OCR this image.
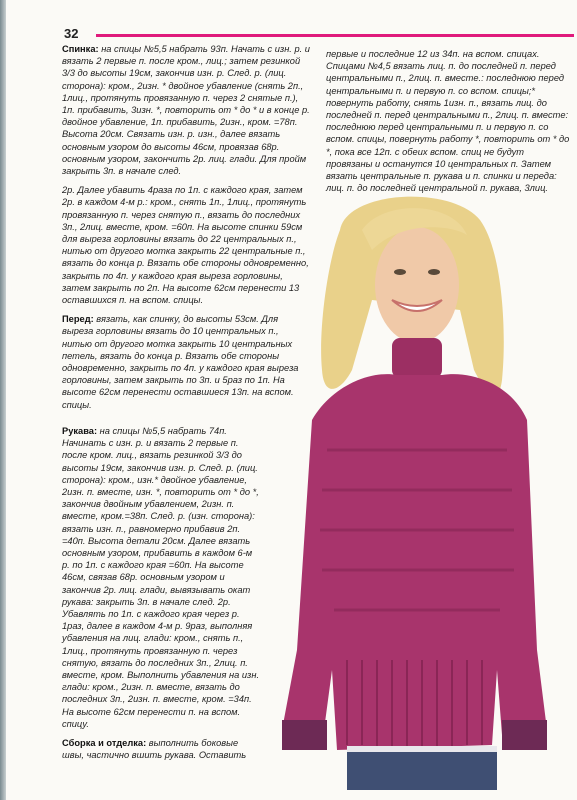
32

Спинка: на спицы №5,5 набрать 93п. Начать с изн. р. и вязать 2 первые п. после кром., лиц.; затем резинкой 3/3 до высоты 19см, закончив изн. р. След. р. (лиц. сторона): кром., 2изн. * двойное убавление (снять 2п., 1лиц., протянуть провязанную п. через 2 снятые п.), 1п. прибавить, 3изн. *, повторить от * до * и в конце р. двойное убавление, 1п. прибавить, 2изн., кром. =78п. Высота 20см. Связать изн. р. изн., далее вязать основным узором до высоты 46см, провязав 68р. основным узором, закончить 2р. лиц. глади. Для пройм закрыть 3п. в начале след.

2р. Далее убавить 4раза по 1п. с каждого края, затем 2р. в каждом 4-м р.: кром., снять 1п., 1лиц., протянуть провязанную п. через снятую п., вязать до последних 3п., 2лиц. вместе, кром. =60п. На высоте спинки 59см для выреза горловины вязать до 22 центральных п., нитью от другого мотка закрыть 22 центральные п., вязать до конца р. Вязать обе стороны одновременно, закрыть по 4п. у каждого края выреза горловины, затем закрыть по 2п. На высоте 62см перенести 13 оставшихся п. на вспом. спицы.

Перед: вязать, как спинку, до высоты 53см. Для выреза горловины вязать до 10 центральных п., нитью от другого мотка закрыть 10 центральных петель, вязать до конца р. Вязать обе стороны одновременно, закрыть по 4п. у каждого края выреза горловины, затем закрыть по 3п. и 5раз по 1п. На высоте 62см перенести оставшиеся 13п. на вспом. спицы.

Рукава: на спицы №5,5 набрать 74п. Начинать с изн. р. и вязать 2 первые п. после кром. лиц., вязать резинкой 3/3 до высоты 19см, закончив изн. р. След. р. (лиц. сторона): кром., изн.* двойное убавление, 2изн. п. вместе, изн. *, повторить от * до *, закончив двойным убавлением, 2изн. п. вместе, кром.=38п. След. р. (изн. сторона): вязать изн. п., равномерно прибавив 2п. =40п. Высота детали 20см. Далее вязать основным узором, прибавить в каждом 6-м р. по 1п. с каждого края =60п. На высоте 46см, связав 68р. основным узором и закончив 2р. лиц. глади, вывязывать окат рукава: закрыть 3п. в начале след. 2р. Убавлять по 1п. с каждого края через р. 1раз, далее в каждом 4-м р. 9раз, выполняя убавления на лиц. глади: кром., снять п., 1лиц., протянуть провязанную п. через снятую, вязать до последних 3п., 2лиц. п. вместе, кром. Выполнить убавления на изн. глади: кром., 2изн. п. вместе, вязать до последних 3п., 2изн. п. вместе, кром. =34п. На высоте 62см перенести п. на вспом. спицу.

Сборка и отделка: выполнить боковые швы, частично вшить рукава. Оставить

первые и последние 12 из 34п. на вспом. спицах. Спицами №4,5 вязать лиц. п. до последней п. перед центральными п., 2лиц. п. вместе.: последнюю перед центральными п. и первую п. со вспом. спицы;* повернуть работу, снять 1изн. п., вязать лиц. до последней п. перед центральными п., 2лиц. п. вместе: последнюю перед центральными п. и первую п. со вспом. спицы, повернуть работу *, повторить от * до *, пока все 12п. с обеих вспом. спиц не будут провязаны и останутся 10 центральных п. Затем вязать центральные п. рукава и п. спинки и переда: лиц. п. до последней центральной п. рукава, 3лиц.
